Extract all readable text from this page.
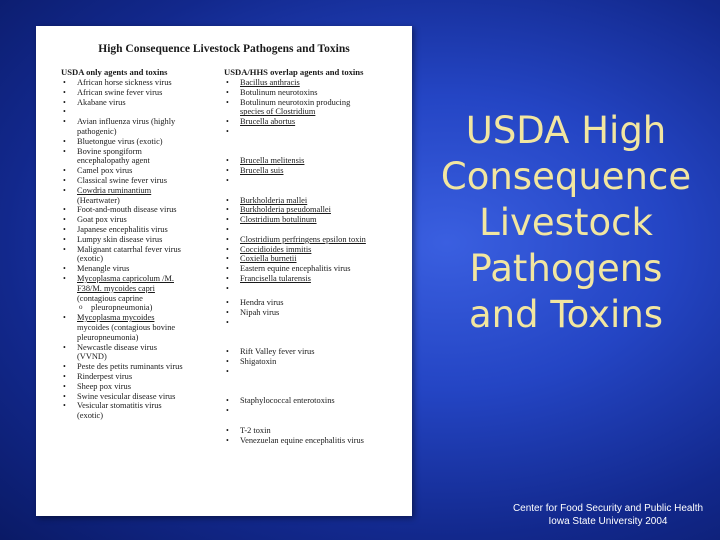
High Consequence Livestock Pathogens and Toxins
USDA only agents and toxins
• African horse sickness virus
• African swine fever virus
• Akabane virus
•
• Avian influenza virus (highly
pathogenic)
• Bluetongue virus (exotic)
• Bovine spongiform
encephalopathy agent
• Camel pox virus
• Classical swine fever virus
• Cowdria ruminantium
(Heartwater)
• Foot-and-mouth disease virus
• Goat pox virus
• Japanese encephalitis virus
• Lumpy skin disease virus
• Malignant catarrhal fever virus
(exotic)
• Menangle virus
• Mycoplasma capricolum /M.
F38/M. mycoides capri
(contagious caprine
o pleuropneumonia)
• Mycoplasma mycoides
mycoides (contagious bovine
pleuropneumonia)
• Newcastle disease virus
(VVND)
• Peste des petits ruminants virus
• Rinderpest virus
• Sheep pox virus
• Swine vesicular disease virus
• Vesicular stomatitis virus
(exotic)
USDA/HHS overlap agents and toxins
• Bacillus anthracis
• Botulinum neurotoxins
• Botulinum neurotoxin producing
species of Clostridium
• Brucella abortus
•
• Brucella melitensis
• Brucella suis
•
• Burkholderia mallei
• Burkholderia pseudomallei
• Clostridium botulinum
•
• Clostridium perfringens epsilon toxin
• Coccidioides immitis
• Coxiella burnetii
• Eastern equine encephalitis virus
• Francisella tularensis
•
• Hendra virus
• Nipah virus
•
• Rift Valley fever virus
• Shigatoxin
•
• Staphylococcal enterotoxins
•
• T-2 toxin
• Venezuelan equine encephalitis virus
USDA High
Consequence
Livestock
Pathogens
and Toxins
Center for Food Security and Public Health
Iowa State University 2004
